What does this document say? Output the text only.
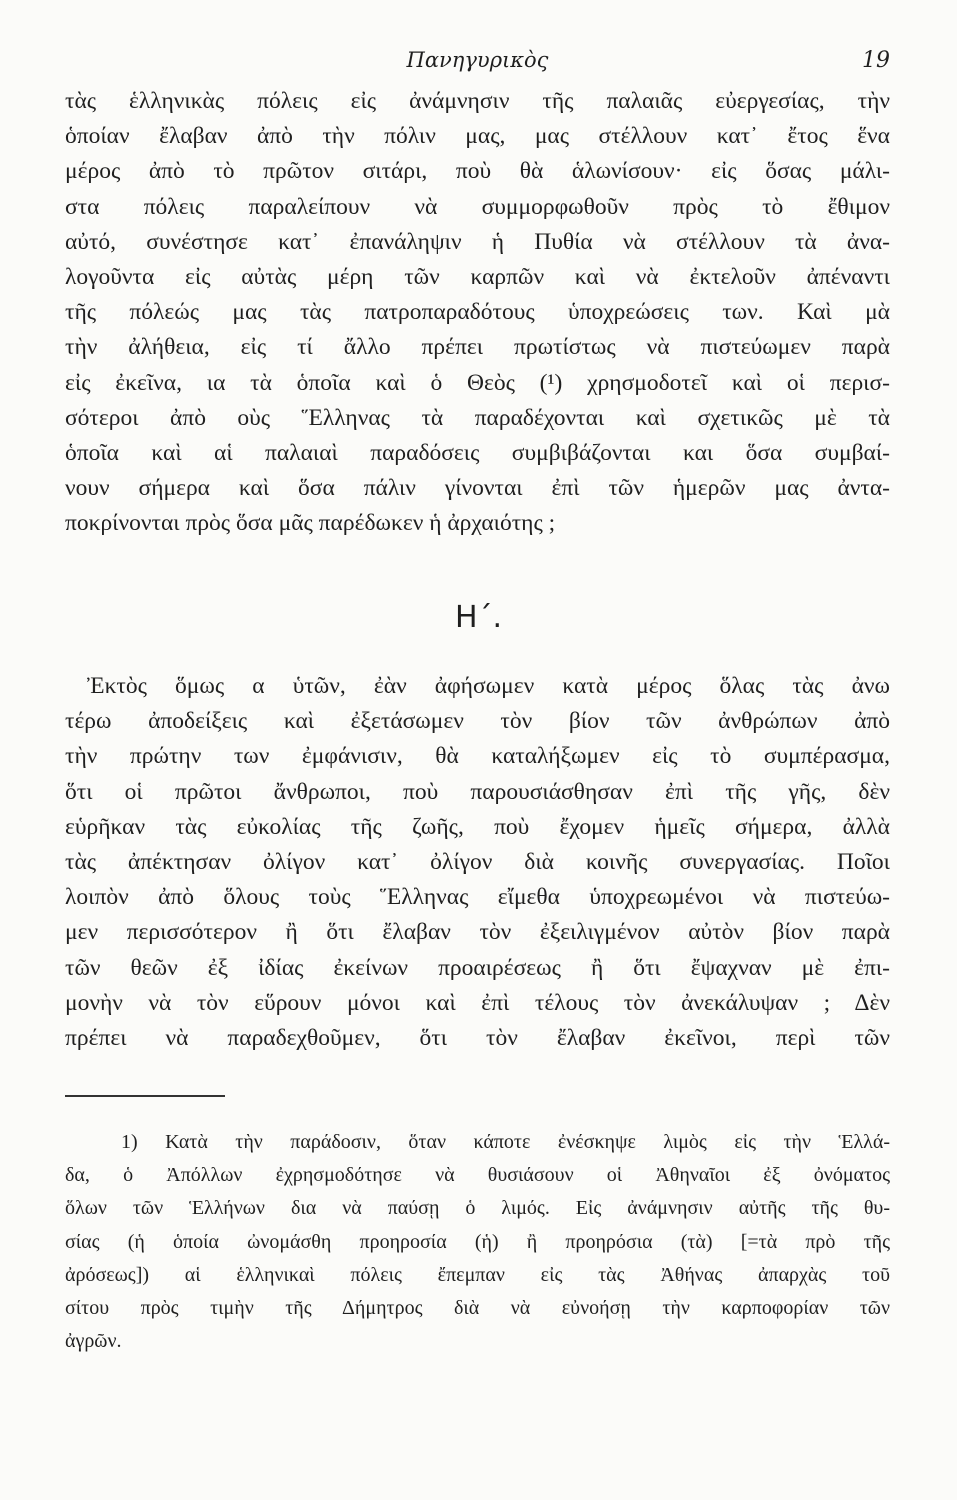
Πανηγυρικὸς	19
τὰς ἑλληνικὰς πόλεις εἰς ἀνάμνησιν τῆς παλαιᾶς εὐεργεσίας, τὴν
ὁποίαν ἔλαβαν ἀπὸ τὴν πόλιν μας, μας στέλλουν κατ᾽ ἔτος ἕνα
μέρος ἀπὸ τὸ πρῶτον σιτάρι, ποὺ θὰ ἁλωνίσουν· εἰς ὅσας μάλι-
στα πόλεις παραλείπουν νὰ συμμορφωθοῦν πρὸς τὸ ἔθιμον
αὐτό, συνέστησε κατ᾽ ἐπανάληψιν ἡ Πυθία νὰ στέλλουν τὰ ἀνα-
λογοῦντα εἰς αὐτὰς μέρη τῶν καρπῶν καὶ νὰ ἐκτελοῦν ἀπέναντι
τῆς πόλεώς μας τὰς πατροπαραδότους ὑποχρεώσεις των. Καὶ μὰ
τὴν ἀλήθεια, εἰς τί ἄλλο πρέπει πρωτίστως νὰ πιστεύωμεν παρὰ
εἰς ἐκεῖνα, ια τὰ ὁποῖα καὶ ὁ Θεὸς (¹) χρησμοδοτεῖ καὶ οἱ περισ-
σότεροι ἀπὸ οὺς Ἕλληνας τὰ παραδέχονται καὶ σχετικῶς μὲ τὰ
ὁποῖα καὶ αἱ παλαιαὶ παραδόσεις συμβιβάζονται και ὅσα συμβαί-
νουν σήμερα καὶ ὅσα πάλιν γίνονται ἐπὶ τῶν ἡμερῶν μας ἀντα-
ποκρίνονται πρὸς ὅσα μᾶς παρέδωκεν ἡ ἀρχαιότης ;
Η΄.
Ἐκτὸς ὅμως α ὑτῶν, ἐὰν ἀφήσωμεν κατὰ μέρος ὅλας τὰς ἀνω
τέρω ἀποδείξεις καὶ ἐξετάσωμεν τὸν βίον τῶν ἀνθρώπων ἀπὸ
τὴν πρώτην των ἐμφάνισιν, θὰ καταλήξωμεν εἰς τὸ συμπέρασμα,
ὅτι οἱ πρῶτοι ἄνθρωποι, ποὺ παρουσιάσθησαν ἐπὶ τῆς γῆς, δὲν
εὑρῆκαν τὰς εὐκολίας τῆς ζωῆς, ποὺ ἔχομεν ἡμεῖς σήμερα, ἀλλὰ
τὰς ἀπέκτησαν ὀλίγον κατ᾽ ὀλίγον διὰ κοινῆς συνεργασίας. Ποῖοι
λοιπὸν ἀπὸ ὅλους τοὺς Ἕλληνας εἴμεθα ὑποχρεωμένοι νὰ πιστεύω-
μεν περισσότερον ἢ ὅτι ἔλαβαν τὸν ἐξειλιγμένον αὐτὸν βίον παρὰ
τῶν θεῶν ἐξ ἰδίας ἐκείνων προαιρέσεως ἢ ὅτι ἔψαχναν μὲ ἐπι-
μονὴν νὰ τὸν εὕρουν μόνοι καὶ ἐπὶ τέλους τὸν ἀνεκάλυψαν ; Δὲν
πρέπει νὰ παραδεχθοῦμεν, ὅτι τὸν ἔλαβαν ἐκεῖνοι, περὶ τῶν
1) Κατὰ τὴν παράδοσιν, ὅταν κάποτε ἐνέσκηψε λιμὸς εἰς τὴν Ἑλλά-
δα, ὁ Ἀπόλλων ἐχρησμοδότησε νὰ θυσιάσουν οἱ Ἀθηναῖοι ἐξ ὀνόματος
ὅλων τῶν Ἑλλήνων δια νὰ παύσῃ ὁ λιμός. Εἰς ἀνάμνησιν αὐτῆς τῆς θυ-
σίας (ἡ ὁποία ὠνομάσθη προηροσία (ἡ) ἢ προηρόσια (τὰ) [=τὰ πρὸ τῆς
ἀρόσεως]) αἱ ἑλληνικαὶ πόλεις ἔπεμπαν εἰς τὰς Ἀθήνας ἀπαρχὰς τοῦ
σίτου πρὸς τιμὴν τῆς Δήμητρος διὰ νὰ εὐνοήσῃ τὴν καρποφορίαν τῶν
ἀγρῶν.
